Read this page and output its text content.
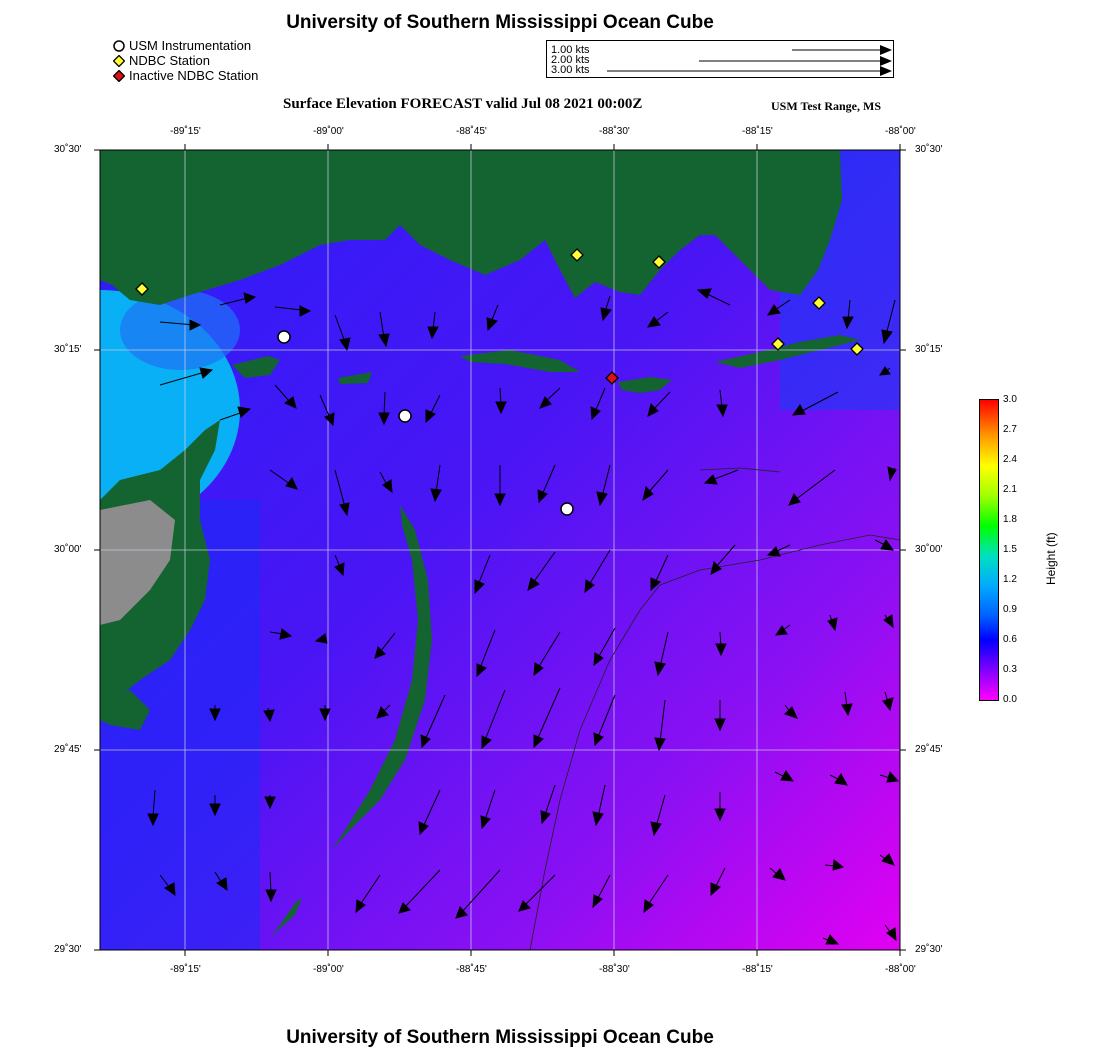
University of Southern Mississippi Ocean Cube
USM Instrumentation
NDBC Station
Inactive NDBC Station
1.00 kts
2.00 kts
3.00 kts
Surface Elevation FORECAST valid Jul 08 2021 00:00Z	USM Test Range, MS
-89˚15'	-89˚00'	-88˚45'	-88˚30'	-88˚15'	-88˚00'
-89˚15'	-89˚00'	-88˚45'	-88˚30'	-88˚15'	-88˚00'
30˚30'
30˚15'
30˚00'
29˚45'
29˚30'
30˚30'
30˚15'
30˚00'
29˚45'
29˚30'
3.0
2.7
2.4
2.1
1.8
1.5
1.2
0.9
0.6
0.3
0.0
Height (ft)
University of Southern Mississippi Ocean Cube
